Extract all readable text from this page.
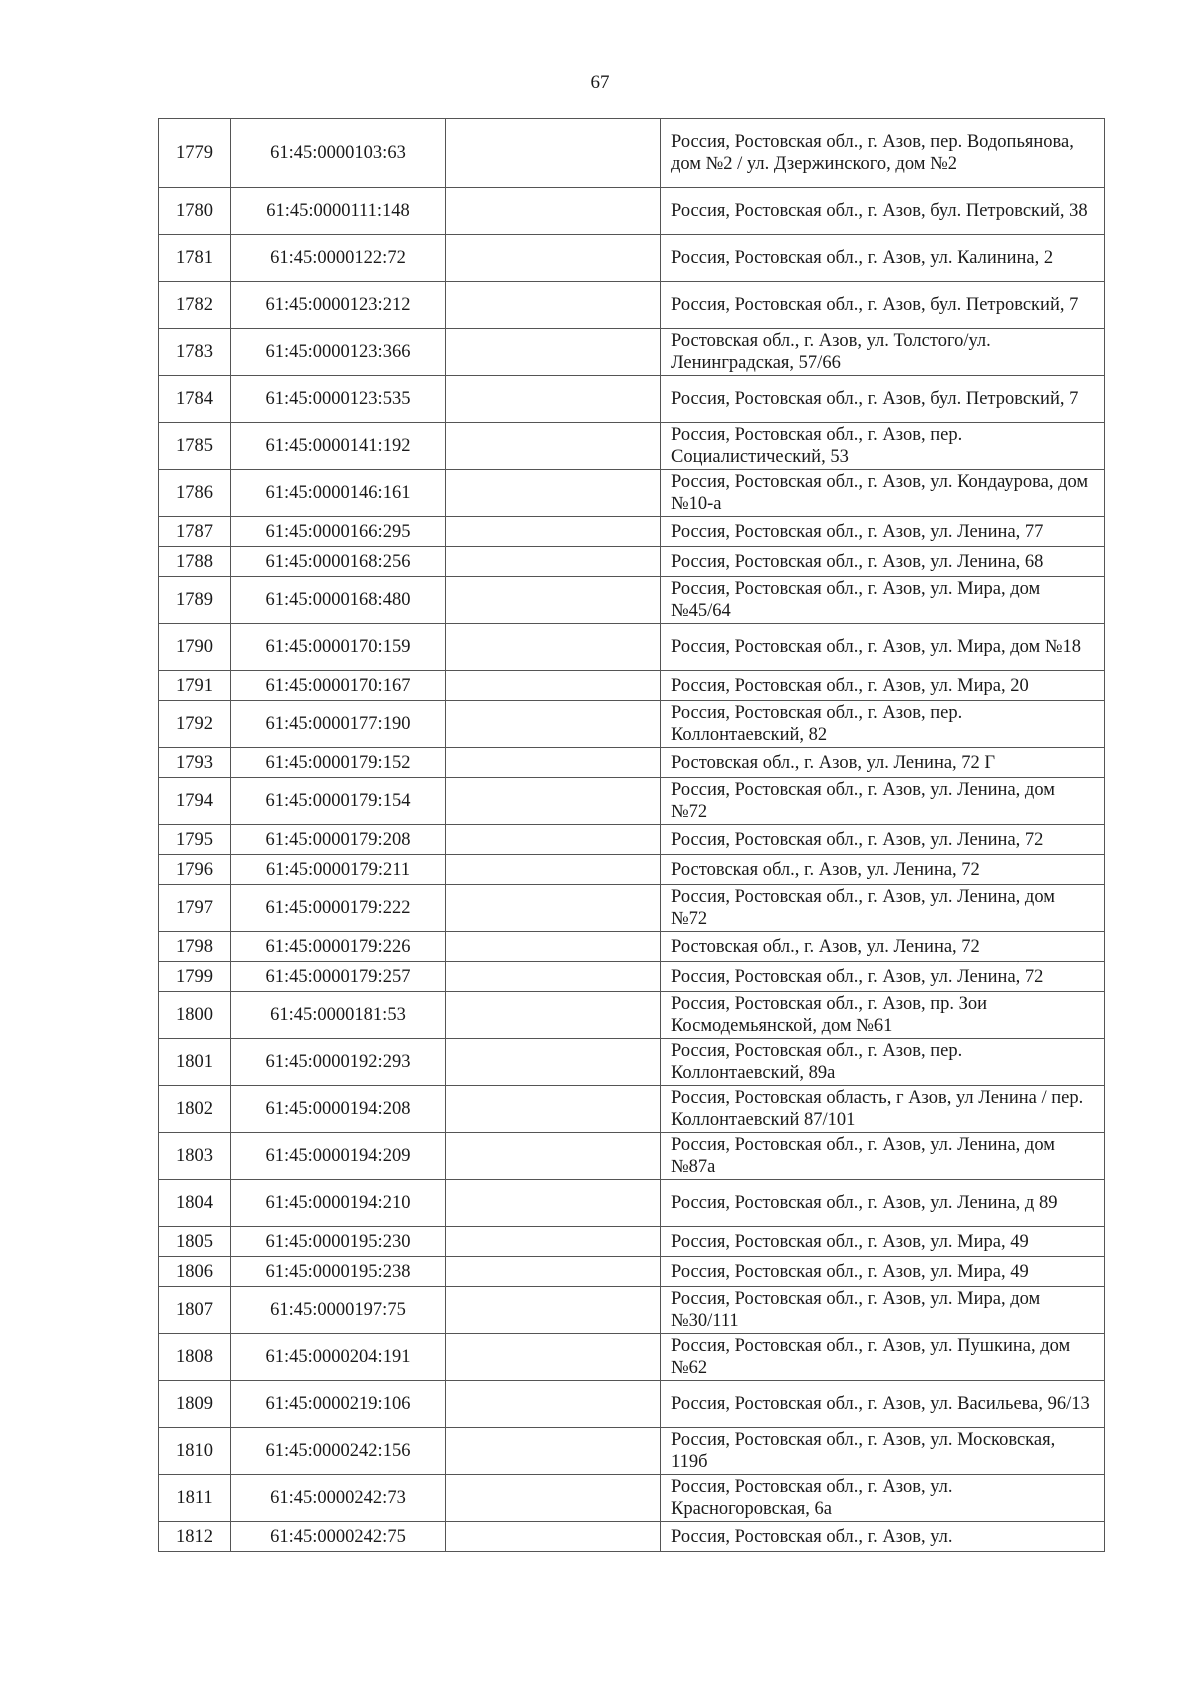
67
1779	61:45:0000103:63		Россия, Ростовская обл., г. Азов, пер. Водопьянова, дом №2 / ул. Дзержинского, дом №2
1780	61:45:0000111:148		Россия, Ростовская обл., г. Азов, бул. Петровский, 38
1781	61:45:0000122:72		Россия, Ростовская обл., г. Азов, ул. Калинина, 2
1782	61:45:0000123:212		Россия, Ростовская обл., г. Азов, бул. Петровский, 7
1783	61:45:0000123:366		Ростовская обл., г. Азов, ул. Толстого/ул. Ленинградская, 57/66
1784	61:45:0000123:535		Россия, Ростовская обл., г. Азов, бул. Петровский, 7
1785	61:45:0000141:192		Россия, Ростовская обл., г. Азов, пер. Социалистический, 53
1786	61:45:0000146:161		Россия, Ростовская обл., г. Азов, ул. Кондаурова, дом №10-а
1787	61:45:0000166:295		Россия, Ростовская обл., г. Азов, ул. Ленина, 77
1788	61:45:0000168:256		Россия, Ростовская обл., г. Азов, ул. Ленина, 68
1789	61:45:0000168:480		Россия, Ростовская обл., г. Азов, ул. Мира, дом №45/64
1790	61:45:0000170:159		Россия, Ростовская обл., г. Азов, ул. Мира, дом №18
1791	61:45:0000170:167		Россия, Ростовская обл., г. Азов, ул. Мира, 20
1792	61:45:0000177:190		Россия, Ростовская обл., г. Азов, пер. Коллонтаевский, 82
1793	61:45:0000179:152		Ростовская обл., г. Азов, ул. Ленина, 72 Г
1794	61:45:0000179:154		Россия, Ростовская обл., г. Азов, ул. Ленина, дом №72
1795	61:45:0000179:208		Россия, Ростовская обл., г. Азов, ул. Ленина, 72
1796	61:45:0000179:211		Ростовская обл., г. Азов, ул. Ленина, 72
1797	61:45:0000179:222		Россия, Ростовская обл., г. Азов, ул. Ленина, дом №72
1798	61:45:0000179:226		Ростовская обл., г. Азов, ул. Ленина, 72
1799	61:45:0000179:257		Россия, Ростовская обл., г. Азов, ул. Ленина, 72
1800	61:45:0000181:53		Россия, Ростовская обл., г. Азов, пр. Зои Космодемьянской, дом №61
1801	61:45:0000192:293		Россия, Ростовская обл., г. Азов, пер. Коллонтаевский, 89а
1802	61:45:0000194:208		Россия, Ростовская область, г Азов, ул Ленина / пер. Коллонтаевский 87/101
1803	61:45:0000194:209		Россия, Ростовская обл., г. Азов, ул. Ленина, дом №87а
1804	61:45:0000194:210		Россия, Ростовская обл., г. Азов, ул. Ленина, д 89
1805	61:45:0000195:230		Россия, Ростовская обл., г. Азов, ул. Мира, 49
1806	61:45:0000195:238		Россия, Ростовская обл., г. Азов, ул. Мира, 49
1807	61:45:0000197:75		Россия, Ростовская обл., г. Азов, ул. Мира, дом №30/111
1808	61:45:0000204:191		Россия, Ростовская обл., г. Азов, ул. Пушкина, дом №62
1809	61:45:0000219:106		Россия, Ростовская обл., г. Азов, ул. Васильева, 96/13
1810	61:45:0000242:156		Россия, Ростовская обл., г. Азов, ул. Московская, 119б
1811	61:45:0000242:73		Россия, Ростовская обл., г. Азов, ул. Красногоровская, 6а
1812	61:45:0000242:75		Россия, Ростовская обл., г. Азов, ул.
